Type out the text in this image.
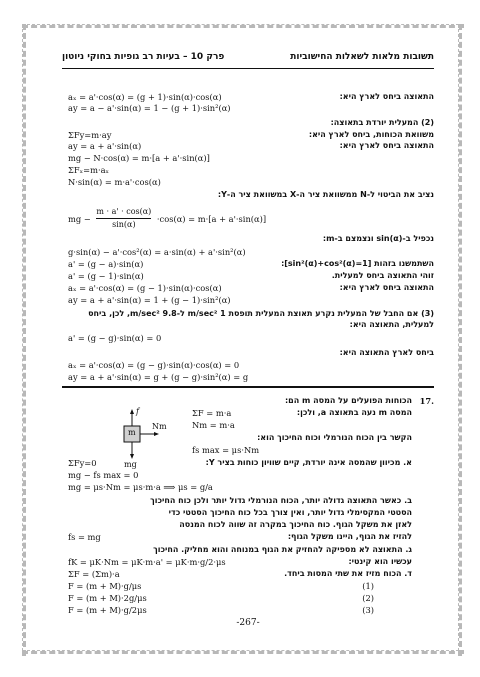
תשובות מלאות לשאלות החישוביות
פרק 10 – בעיות רב גופיות בחוקי ניוטון
התאוצה ביחס לארץ היא:
aₓ = a'·cos(α) = (g + 1)·sin(α)·cos(α)
ay = a − a'·sin(α) = 1 − (g + 1)·sin²(α)
(2) המעלית יורדת בתאוצה:
משוואת הכוחות, ביחס לארץ היא:
ΣFy=m·ay
התאוצה ביחס לארץ היא:
ay = a + a'·sin(α)
mg − N·cos(α) = m·[a + a'·sin(α)]
ΣFₓ=m·aₓ
N·sin(α) = m·a'·cos(α)
נציב את הביטוי ל-N ממשוואת ציר ה-X במשוואת ציר ה-Y:
mg − $\frac{m \cdot a' \cdot \cos(\alpha)}{\sin(\alpha)} \cdot\cos(\alpha) = m\cdot[a + a'\cdot\sin(\alpha)]$
נכפיל ב-sin(α) ונצמצם ב-m:
g·sin(α) − a'·cos²(α) = a·sin(α) + a'·sin²(α)
השתמשנו בזהות [sin²(α)+cos²(α)=1]:
a' = (g − a)·sin(α)
זוהי התאוצה ביחס למעלית.
a' = (g − 1)·sin(α)
התאוצה ביחס לארץ היא:
aₓ = a'·cos(α) = (g − 1)·sin(α)·cos(α)
ay = a + a'·sin(α) = 1 + (g − 1)·sin²(α)
(3) אם החבל של המעלית נקרע תאוצת המעלית תופסת m/sec² 1 ל-9.8 m/sec², לכן, ביחס למעלית, התאוצה היא:
a' = (g − g)·sin(α) = 0
ביחס לארץ התאוצה היא:
aₓ = a'·cos(α) = (g − g)·sin(α)·cos(α) = 0
ay = a + a'·sin(α) = g + (g − g)·sin²(α) = g
.17
f
Nm
m
mg
הכוחות הפועלים על המסה m הם:
המסה m נעה בתאוצה a, ולכן:
ΣF = m·a
Nm = m·a
הקשר בין הכוח הנורמלי וכוח החיכוך הוא:
fs max = μs·Nm
א. מכיוון שהמסה אינה יורדת, קיים שוויון כוחות בציר Y:
ΣFy=0
mg − fs max = 0
mg = μs·Nm = μs·m·a ⟹ μs = g/a
ב. כאשר התאוצה גדולה יותר, הכוח הנורמלי גדול יותר ולכן כוח החיכוך
הסטטי המקסימלי גדול יותר, ואין צורך בכל כוח החיכוך הסטטי כדי
לאזן את משקל הגוף. כוח החיכוך במקרה זה שווה לכוח המנסה
להזיז את הגוף, היינו משקל הגוף:
fs = mg
ג. התאוצה לא מספיקה להחזיק את הגוף במנוחה והוא מחליק. החיכוך
עכשיו הוא קינטי:
fK = μK·Nm = μK·m·a' = μK·m·g/2·μs
ד. הכוח מזיז את שתי המסות ביחד.
ΣF = (Σm)·a
F = (m + M)·g/μs	(1)
F = (m + M)·2g/μs	(2)
F = (m + M)·g/2μs	(3)
-267-
